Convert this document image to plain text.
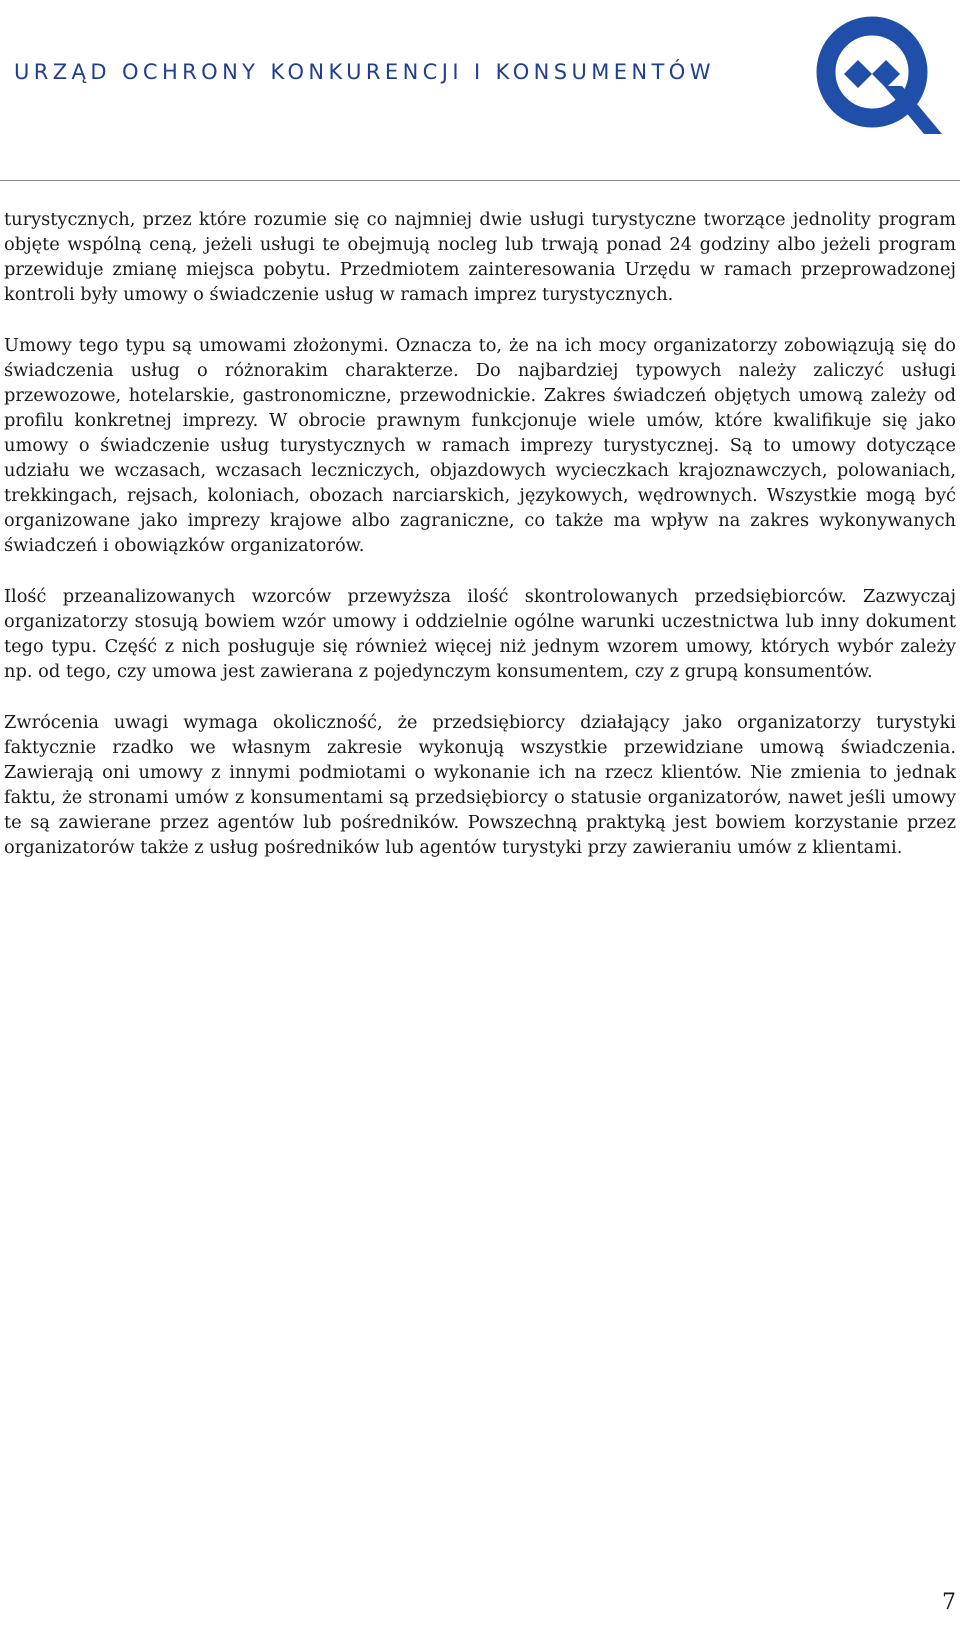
URZĄD OCHRONY KONKURENCJI I KONSUMENTÓW

turystycznych, przez które rozumie się co najmniej dwie usługi turystyczne tworzące jednolity program objęte wspólną ceną, jeżeli usługi te obejmują nocleg lub trwają ponad 24 godziny albo jeżeli program przewiduje zmianę miejsca pobytu. Przedmiotem zainteresowania Urzędu w ramach przeprowadzonej kontroli były umowy o świadczenie usług w ramach imprez turystycznych.

Umowy tego typu są umowami złożonymi. Oznacza to, że na ich mocy organizatorzy zobowiązują się do świadczenia usług o różnorakim charakterze. Do najbardziej typowych należy zaliczyć usługi przewozowe, hotelarskie, gastronomiczne, przewodnickie. Zakres świadczeń objętych umową zależy od profilu konkretnej imprezy. W obrocie prawnym funkcjonuje wiele umów, które kwalifikuje się jako umowy o świadczenie usług turystycznych w ramach imprezy turystycznej. Są to umowy dotyczące udziału we wczasach, wczasach leczniczych, objazdowych wycieczkach krajoznawczych, polowaniach, trekkingach, rejsach, koloniach, obozach narciarskich, językowych, wędrownych. Wszystkie mogą być organizowane jako imprezy krajowe albo zagraniczne, co także ma wpływ na zakres wykonywanych świadczeń i obowiązków organizatorów.

Ilość przeanalizowanych wzorców przewyższa ilość skontrolowanych przedsiębiorców. Zazwyczaj organizatorzy stosują bowiem wzór umowy i oddzielnie ogólne warunki uczestnictwa lub inny dokument tego typu. Część z nich posługuje się również więcej niż jednym wzorem umowy, których wybór zależy np. od tego, czy umowa jest zawierana z pojedynczym konsumentem, czy z grupą konsumentów.

Zwrócenia uwagi wymaga okoliczność, że przedsiębiorcy działający jako organizatorzy turystyki faktycznie rzadko we własnym zakresie wykonują wszystkie przewidziane umową świadczenia. Zawierają oni umowy z innymi podmiotami o wykonanie ich na rzecz klientów. Nie zmienia to jednak faktu, że stronami umów z konsumentami są przedsiębiorcy o statusie organizatorów, nawet jeśli umowy te są zawierane przez agentów lub pośredników. Powszechną praktyką jest bowiem korzystanie przez organizatorów także z usług pośredników lub agentów turystyki przy zawieraniu umów z klientami.

7
